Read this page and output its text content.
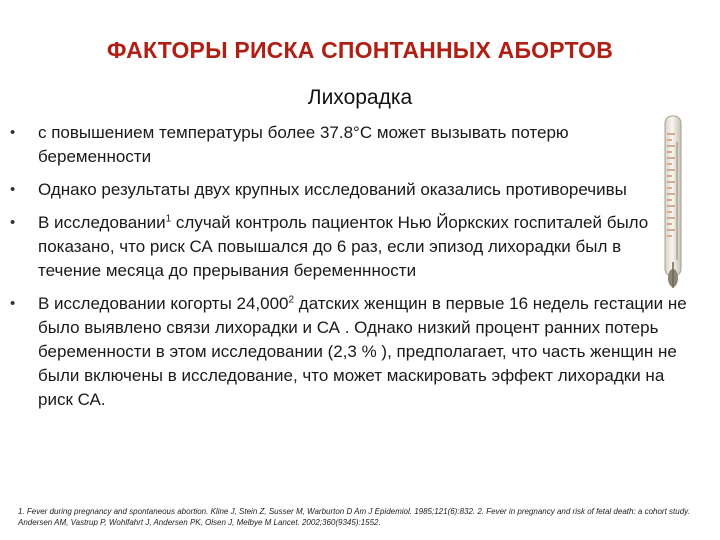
ФАКТОРЫ РИСКА СПОНТАННЫХ АБОРТОВ
Лихорадка
• с повышением температуры более 37.8°С может вызывать потерю беременности
• Однако результаты двух крупных исследований оказались противоречивы
• В исследовании$^1$ случай контроль пациенток Нью Йоркских госпиталей было показано, что риск СА повышался до 6 раз, если эпизод лихорадки был в течение месяца до прерывания беременнности
• В исследовании когорты 24,000$^2$ датских женщин в первые 16 недель гестации не было выявлено связи лихорадки и СА . Однако низкий процент ранних потерь беременности в этом исследовании (2,3 % ), предполагает, что часть женщин не были включены в исследование, что может маскировать эффект лихорадки на риск СА.
1. Fever during pregnancy and spontaneous abortion. Kline J, Stein Z, Susser M, Warburton D Am J Epidemiol. 1985;121(6):832. 2. Fever in pregnancy and risk of fetal death: a cohort study. Andersen AM, Vastrup P, Wohlfahrt J, Andersen PK, Olsen J, Melbye M Lancet. 2002;360(9345):1552.
